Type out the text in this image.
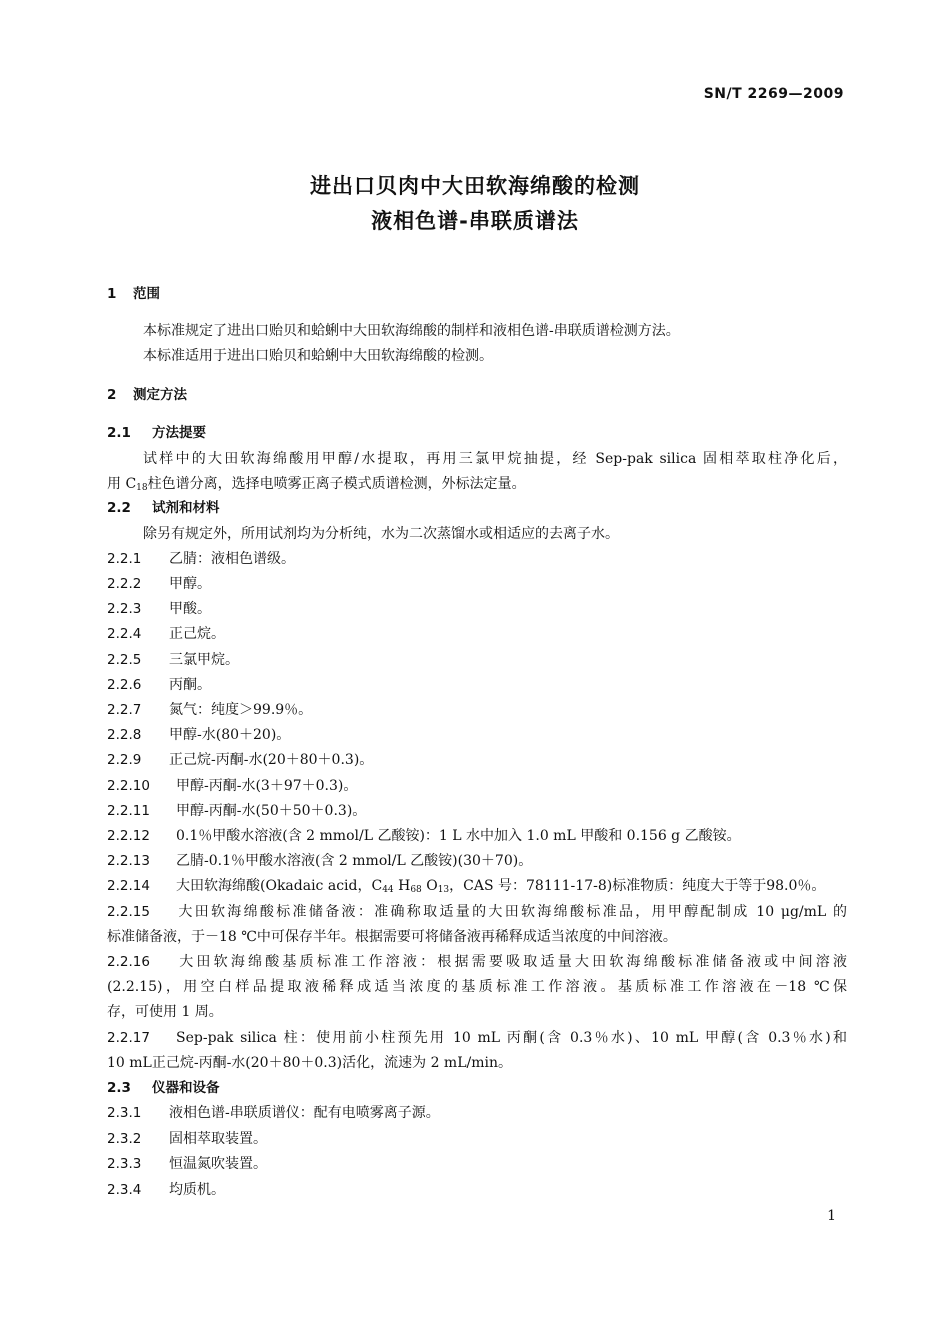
SN/T 2269—2009
进出口贝肉中大田软海绵酸的检测
液相色谱-串联质谱法
1 范围
本标准规定了进出口贻贝和蛤蜊中大田软海绵酸的制样和液相色谱-串联质谱检测方法。
本标准适用于进出口贻贝和蛤蜊中大田软海绵酸的检测。
2 测定方法
2.1 方法提要
试样中的大田软海绵酸用甲醇/水提取，再用三氯甲烷抽提，经 Sep-pak silica 固相萃取柱净化后，
用 $C_{18}$柱色谱分离，选择电喷雾正离子模式质谱检测，外标法定量。
2.2 试剂和材料
除另有规定外，所用试剂均为分析纯，水为二次蒸馏水或相适应的去离子水。
2.2.1 乙腈：液相色谱级。
2.2.2 甲醇。
2.2.3 甲酸。
2.2.4 正己烷。
2.2.5 三氯甲烷。
2.2.6 丙酮。
2.2.7 氮气：纯度＞99.9％。
2.2.8 甲醇-水(80＋20)。
2.2.9 正己烷-丙酮-水(20＋80＋0.3)。
2.2.10 甲醇-丙酮-水(3＋97＋0.3)。
2.2.11 甲醇-丙酮-水(50＋50＋0.3)。
2.2.12 0.1％甲酸水溶液(含 2 mmol/L 乙酸铵)：1 L 水中加入 1.0 mL 甲酸和 0.156 g 乙酸铵。
2.2.13 乙腈-0.1％甲酸水溶液(含 2 mmol/L 乙酸铵)(30＋70)。
2.2.14 大田软海绵酸(Okadaic acid，$C_{44}$ $H_{68}$ $O_{13}$，CAS 号：78111-17-8)标准物质：纯度大于等于98.0％。
2.2.15 大田软海绵酸标准储备液：准确称取适量的大田软海绵酸标准品，用甲醇配制成 10 μg/mL 的
标准储备液，于－18 ℃中可保存半年。根据需要可将储备液再稀释成适当浓度的中间溶液。
2.2.16 大田软海绵酸基质标准工作溶液：根据需要吸取适量大田软海绵酸标准储备液或中间溶液
(2.2.15)，用空白样品提取液稀释成适当浓度的基质标准工作溶液。基质标准工作溶液在－18 ℃保
存，可使用 1 周。
2.2.17 Sep-pak silica 柱：使用前小柱预先用 10 mL 丙酮(含 0.3％水)、10 mL 甲醇(含 0.3％水)和
10 mL正己烷-丙酮-水(20＋80＋0.3)活化，流速为 2 mL/min。
2.3 仪器和设备
2.3.1 液相色谱-串联质谱仪：配有电喷雾离子源。
2.3.2 固相萃取装置。
2.3.3 恒温氮吹装置。
2.3.4 均质机。
1
